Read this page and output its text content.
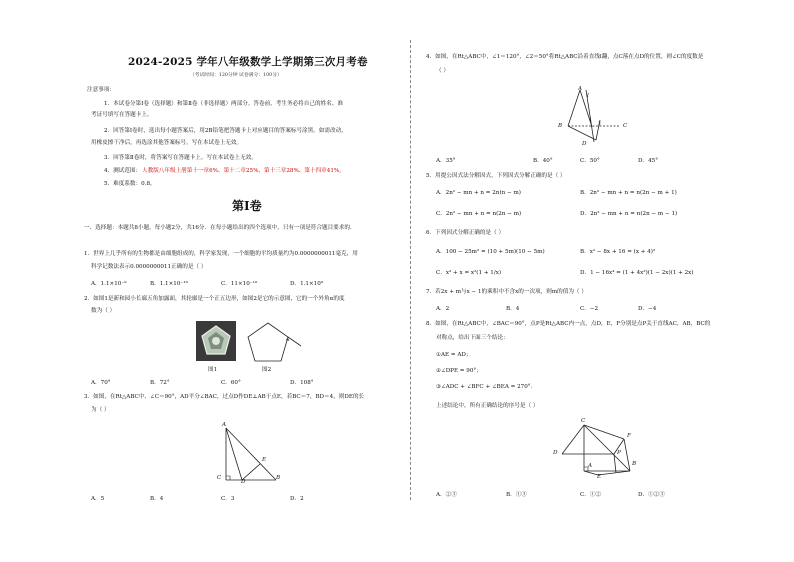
2024-2025 学年八年级数学上学期第三次月考卷
（考试时间：120分钟 试卷满分：100分）
注意事项：
1．本试卷分第Ⅰ卷（选择题）和第Ⅱ卷（非选择题）两部分。答卷前，考生务必将自己的姓名、准
考证号填写在答题卡上。
2．回答第Ⅰ卷时，选出每小题答案后，用2B铅笔把答题卡上对应题目的答案标号涂黑。如需改动，
用橡皮擦干净后，再选涂其他答案标号。写在本试卷上无效。
3．回答第Ⅱ卷时，将答案写在答题卡上。写在本试卷上无效。
4．测试范围： 人教版八年级上册第十一章6%、第十二章25%、第十三章28%、第十四章41%。
5．难度系数：0.8。
第Ⅰ卷
一、选择题：本题共8小题，每小题2分，共16分．在每小题给出的四个选项中，只有一项是符合题目要求的．
1．世界上几乎所有的生物都是由细胞组成的，科学家发现，一个细胞的平均质量约为0.0000000011毫克，用
科学记数法表示0.0000000011正确的是（ ）
A．1.1×10⁻⁹	B．1.1×10⁻¹⁰	C．11×10⁻¹⁰	D．1.1×10⁹
2．如图1是新和园小长廊五角加露面，其轮廓是一个正五边形，如图2是它的示意图，它的一个外角α的度
数为（ ）
图1
α
图2
A．70°	B．72°	C．60°	D．108°
3．如图，在Rt△ABC中，∠C＝90°，AD平分∠BAC，过点D作DE⊥AB于点E，若BC＝7，BD＝4，则DE的长
为（ ）
A
C
D
E
B
A．5	B．4	C．3	D．2
4．如图，在Rt△ABC中，∠1＝120°，∠2＝50°将Rt△ABC沿着直线l翻，点C落在点D的位置，则∠C的度数是
（ ）
A
l
B
1
2	C
D
A．35°	B．40°	C．50°	D．45°
5．用提公因式法分解因式，下列因式分解正确的是（ ）
A．2n² − mn + n = 2n(n − m)	B．2n² − mn + n = n(2n − m + 1)
C．2n² − mn + n = n(2n − m)	D．2n² − mn + n = n(2n − m − 1)
6．下列因式分解正确的是（ ）
A．100 − 25m² = (10 + 5m)(10 − 5m)	B．x² − 8x + 16 = (x + 4)²
C．x³ + x = x²(1 + 1/x)	D．1 − 16x⁴ = (1 + 4x²)(1 − 2x)(1 + 2x)
7．若2x + m与x − 1的乘积中不含x的一次项，则m的值为（ ）
A．2	B．4	C．−2	D．−4
8．如图，在Rt△ABC中，∠BAC＝90°，点P是Rt△ABC内一点，点D，E，F分别是点P关于直线AC，AB，BC的
对称点，给出下面三个结论：
①AE = AD；
②∠DPE = 90°；
③∠ADC + ∠BFC + ∠BEA = 270°．
上述结论中，所有正确结论的序号是（ ）
C
F
D	P
B
A
E
A．②③	B．①③	C．①②	D．①②③
